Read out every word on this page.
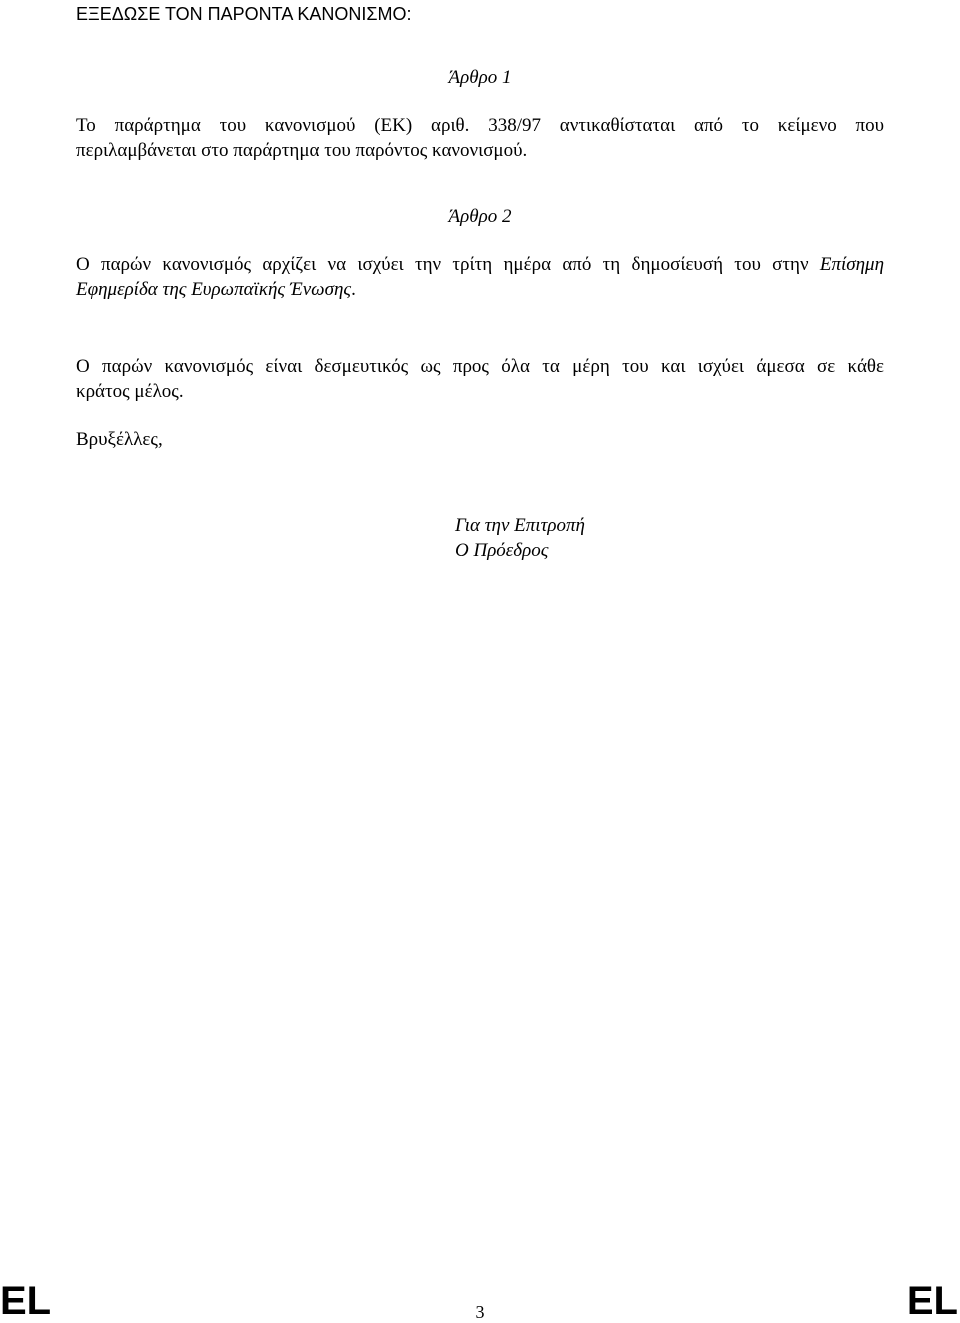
ΕΞΕΔΩΣΕ ΤΟΝ ΠΑΡΟΝΤΑ ΚΑΝΟΝΙΣΜΟ:
Άρθρο 1
Το παράρτημα του κανονισμού (ΕΚ) αριθ. 338/97 αντικαθίσταται από το κείμενο που
περιλαμβάνεται στο παράρτημα του παρόντος κανονισμού.
Άρθρο 2
Ο παρών κανονισμός αρχίζει να ισχύει την τρίτη ημέρα από τη δημοσίευσή του στην Επίσημη
Εφημερίδα της Ευρωπαϊκής Ένωσης.
Ο παρών κανονισμός είναι δεσμευτικός ως προς όλα τα μέρη του και ισχύει άμεσα σε κάθε
κράτος μέλος.
Βρυξέλλες,
Για την Επιτροπή
Ο Πρόεδρος
EL	3	EL
